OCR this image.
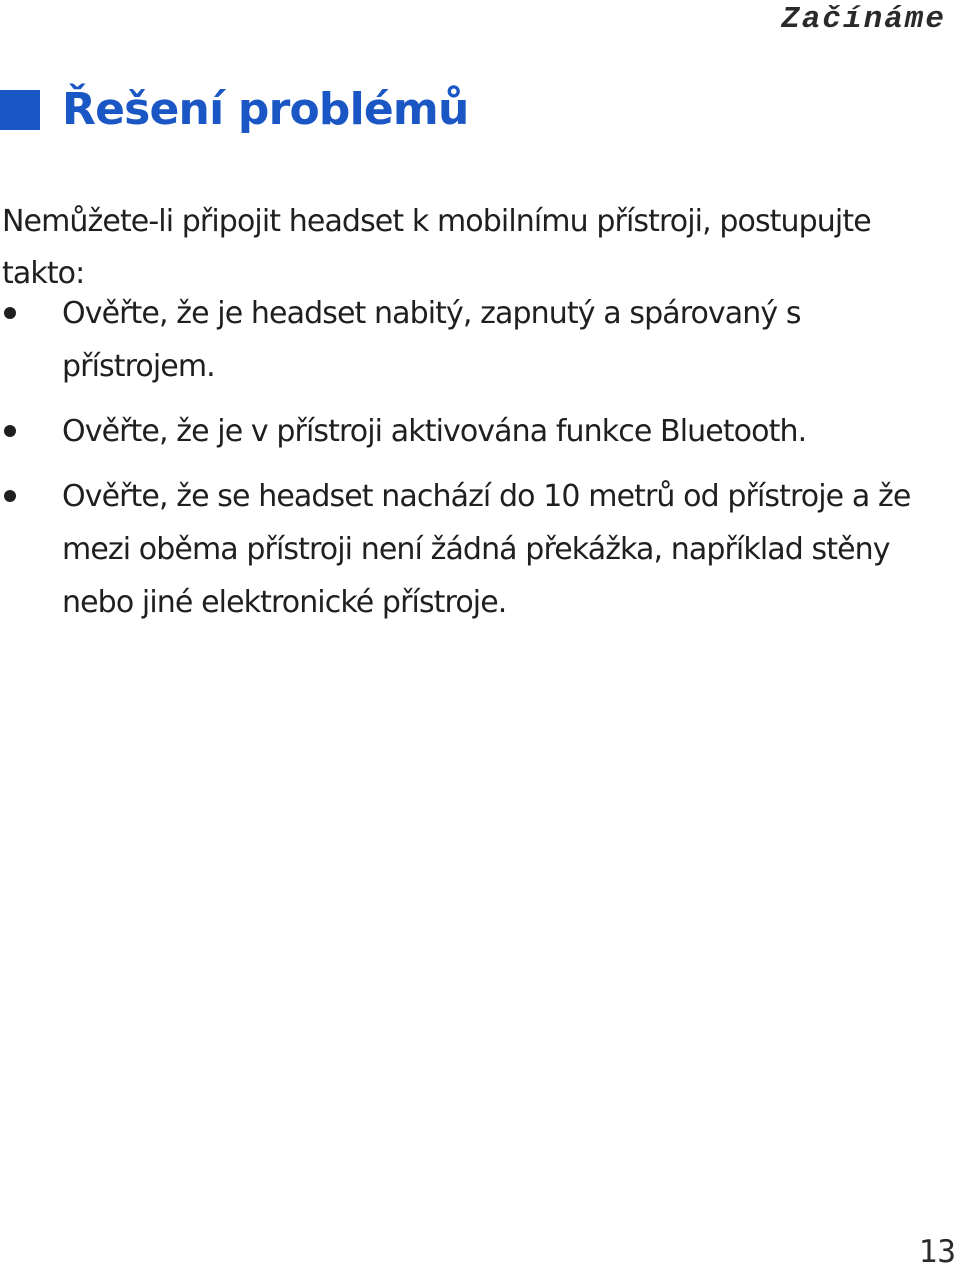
Začínáme
Řešení problémů

Nemůžete-li připojit headset k mobilnímu přístroji, postupujte takto:

Ověřte, že je headset nabitý, zapnutý a spárovaný s přístrojem.
Ověřte, že je v přístroji aktivována funkce Bluetooth.
Ověřte, že se headset nachází do 10 metrů od přístroje a že mezi oběma přístroji není žádná překážka, například stěny nebo jiné elektronické přístroje.
13
